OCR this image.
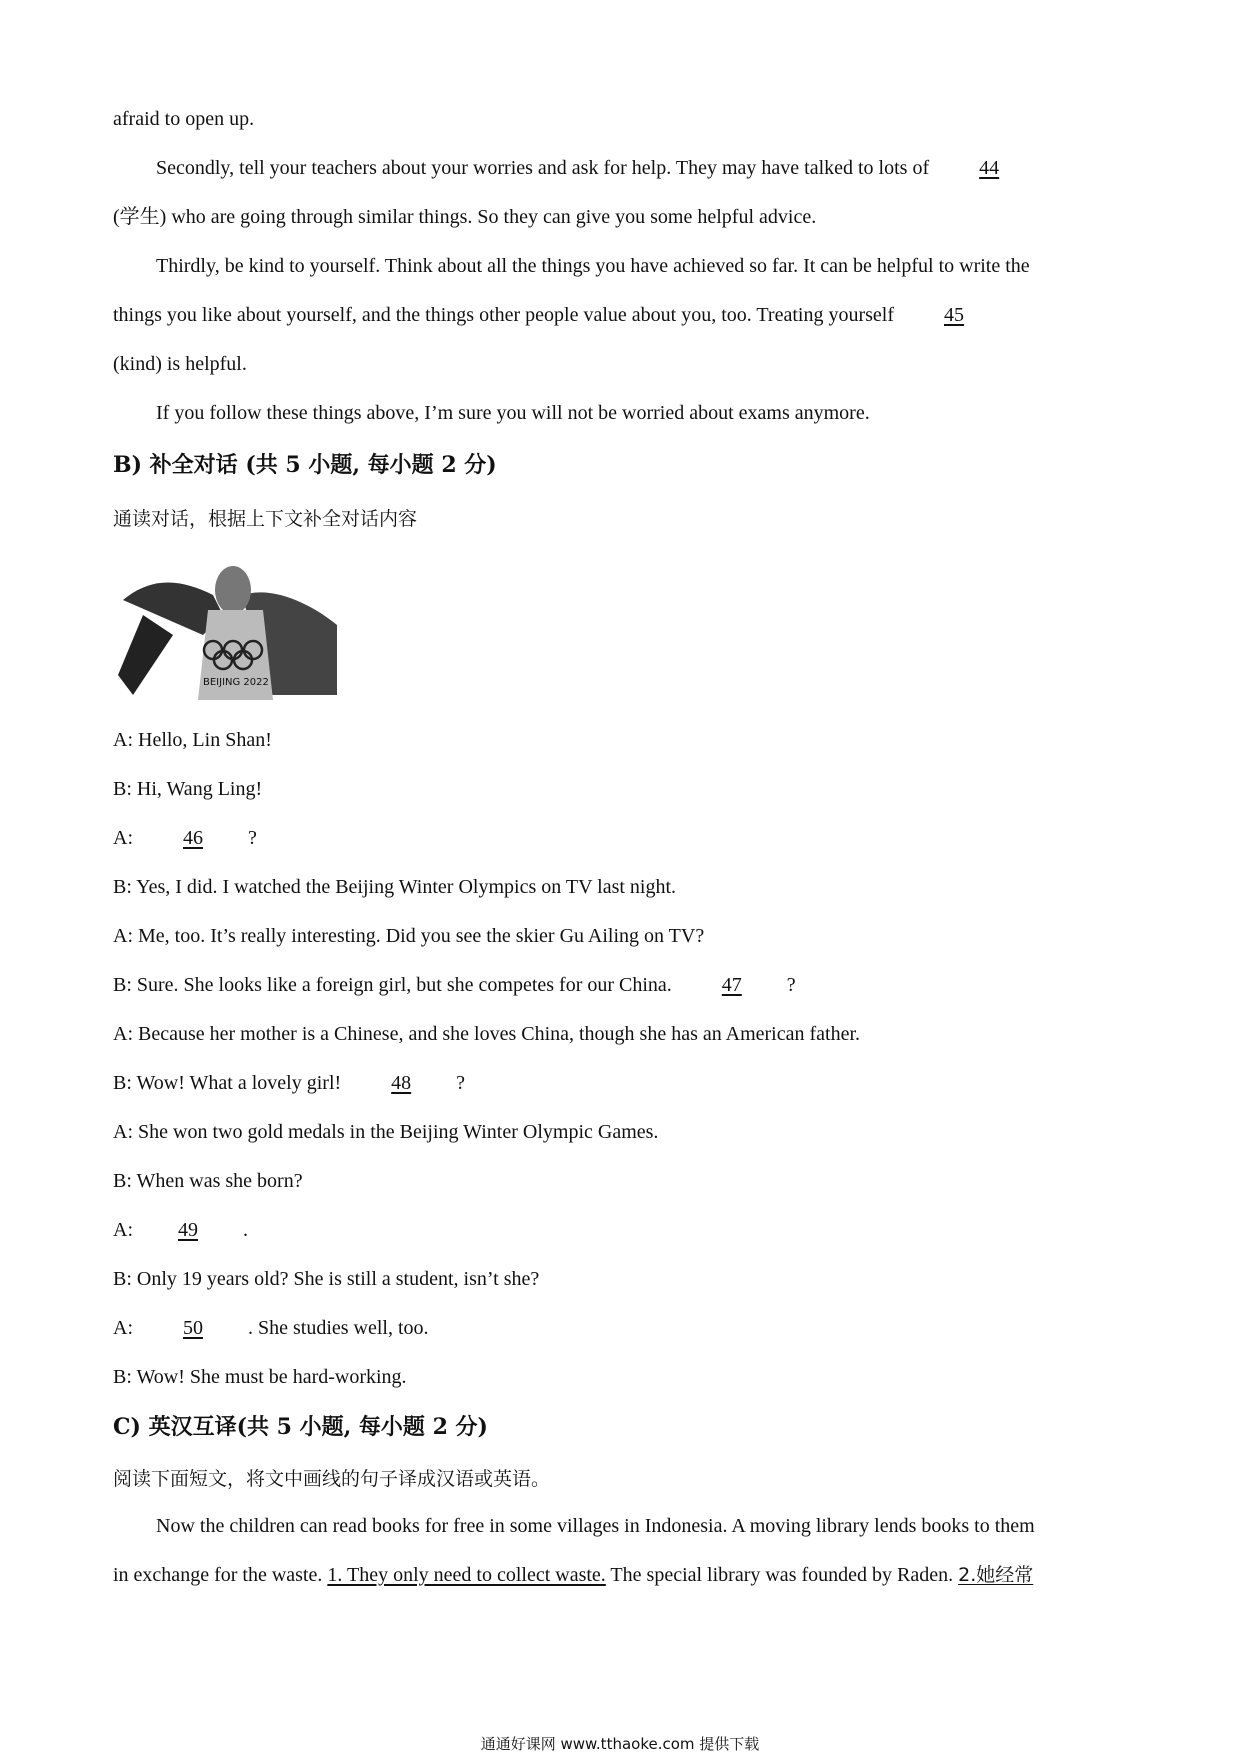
afraid to open up.
Secondly, tell your teachers about your worries and ask for help. They may have talked to lots of 44
(学生) who are going through similar things. So they can give you some helpful advice.
Thirdly, be kind to yourself. Think about all the things you have achieved so far. It can be helpful to write the
things you like about yourself, and the things other people value about you, too. Treating yourself 45
(kind) is helpful.
If you follow these things above, I’m sure you will not be worried about exams anymore.
B) 补全对话 (共 5 小题, 每小题 2 分)
通读对话，根据上下文补全对话内容
BEIJING 2022
A: Hello, Lin Shan!
B: Hi, Wang Ling!
A: 46 ?
B: Yes, I did. I watched the Beijing Winter Olympics on TV last night.
A: Me, too. It’s really interesting. Did you see the skier Gu Ailing on TV?
B: Sure. She looks like a foreign girl, but she competes for our China. 47 ?
A: Because her mother is a Chinese, and she loves China, though she has an American father.
B: Wow! What a lovely girl! 48 ?
A: She won two gold medals in the Beijing Winter Olympic Games.
B: When was she born?
A: 49 .
B: Only 19 years old? She is still a student, isn’t she?
A: 50 . She studies well, too.
B: Wow! She must be hard-working.
C) 英汉互译(共 5 小题, 每小题 2 分)
阅读下面短文，将文中画线的句子译成汉语或英语。
Now the children can read books for free in some villages in Indonesia. A moving library lends books to them
in exchange for the waste. 1. They only need to collect waste. The special library was founded by Raden. 2.她经常
通通好课网 www.tthaoke.com 提供下载
